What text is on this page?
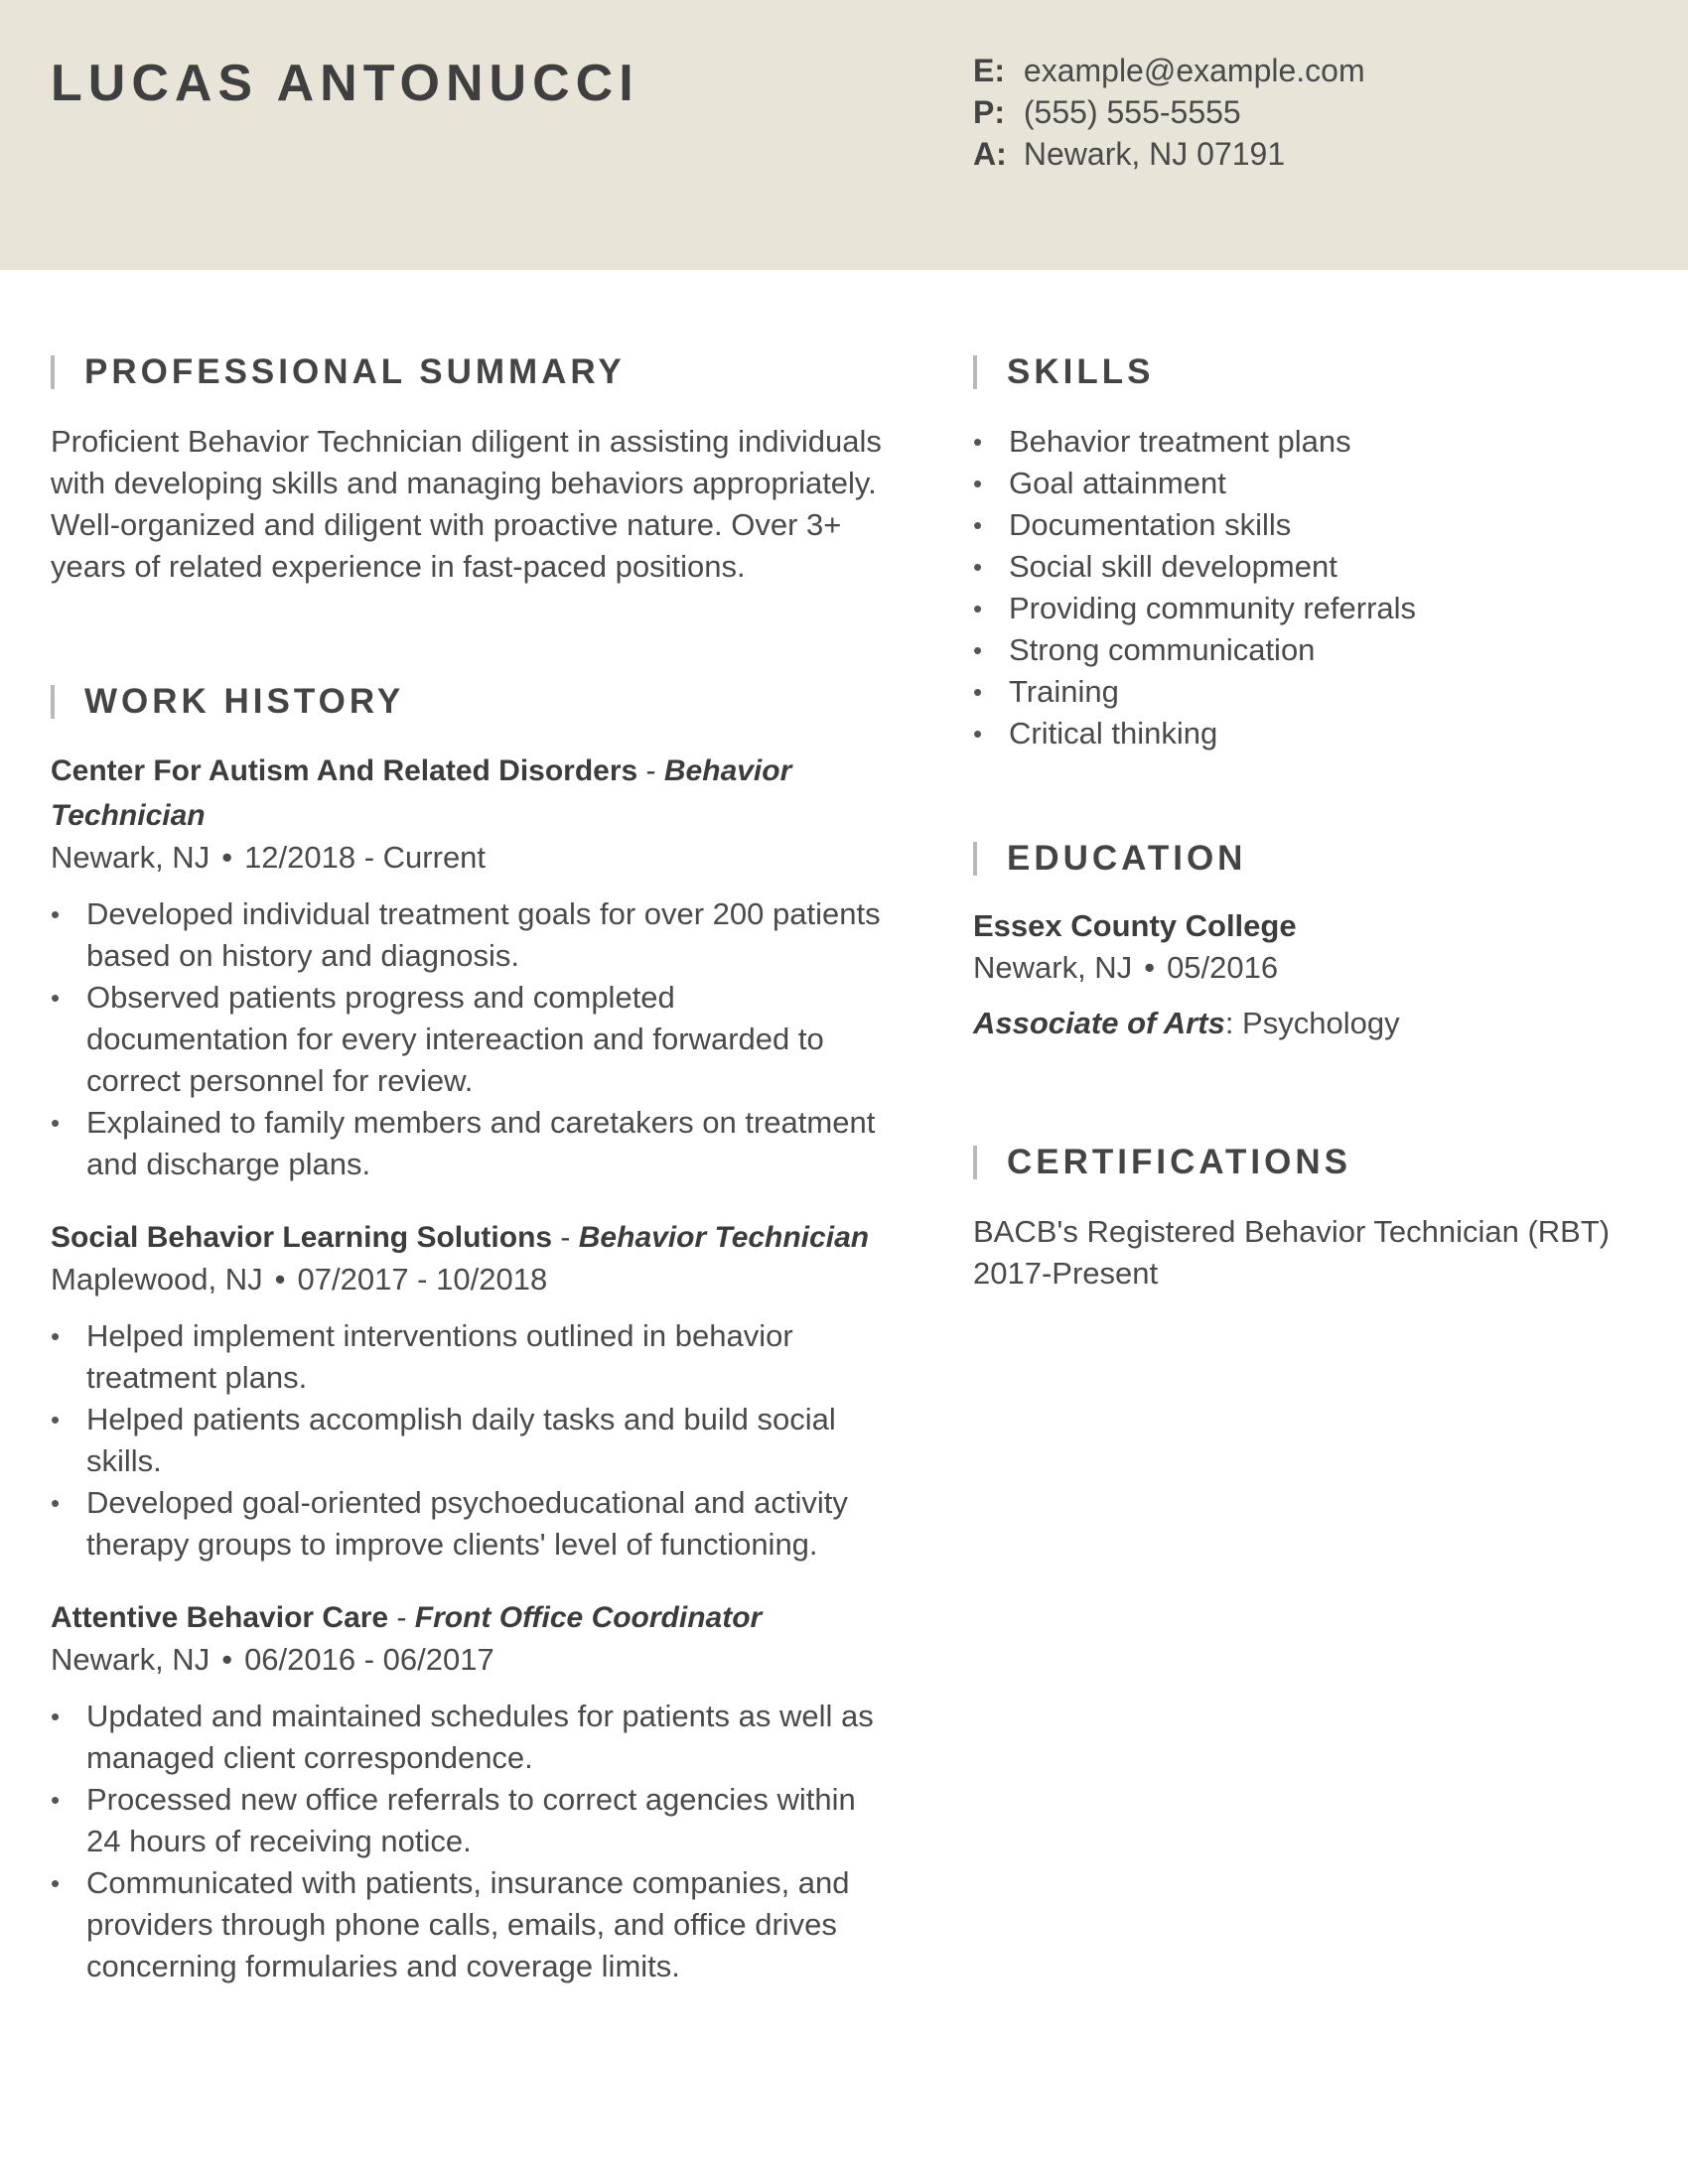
LUCAS ANTONUCCI	E: example@example.com
P: (555) 555-5555
A: Newark, NJ 07191
PROFESSIONAL SUMMARY

Proficient Behavior Technician diligent in assisting individuals with developing skills and managing behaviors appropriately. Well-organized and diligent with proactive nature. Over 3+ years of related experience in fast-paced positions.

WORK HISTORY

Center For Autism And Related Disorders - Behavior Technician

Newark, NJ • 12/2018 - Current

• Developed individual treatment goals for over 200 patients based on history and diagnosis.
• Observed patients progress and completed documentation for every intereaction and forwarded to correct personnel for review.
• Explained to family members and caretakers on treatment and discharge plans.

Social Behavior Learning Solutions - Behavior Technician

Maplewood, NJ • 07/2017 - 10/2018

• Helped implement interventions outlined in behavior treatment plans.
• Helped patients accomplish daily tasks and build social skills.
• Developed goal-oriented psychoeducational and activity therapy groups to improve clients' level of functioning.

Attentive Behavior Care - Front Office Coordinator

Newark, NJ • 06/2016 - 06/2017

• Updated and maintained schedules for patients as well as managed client correspondence.
• Processed new office referrals to correct agencies within 24 hours of receiving notice.
• Communicated with patients, insurance companies, and providers through phone calls, emails, and office drives concerning formularies and coverage limits.
SKILLS
• Behavior treatment plans
• Goal attainment
• Documentation skills
• Social skill development
• Providing community referrals
• Strong communication
• Training
• Critical thinking
EDUCATION

Essex County College

Newark, NJ • 05/2016

Associate of Arts: Psychology

CERTIFICATIONS

BACB's Registered Behavior Technician (RBT)

2017-Present
